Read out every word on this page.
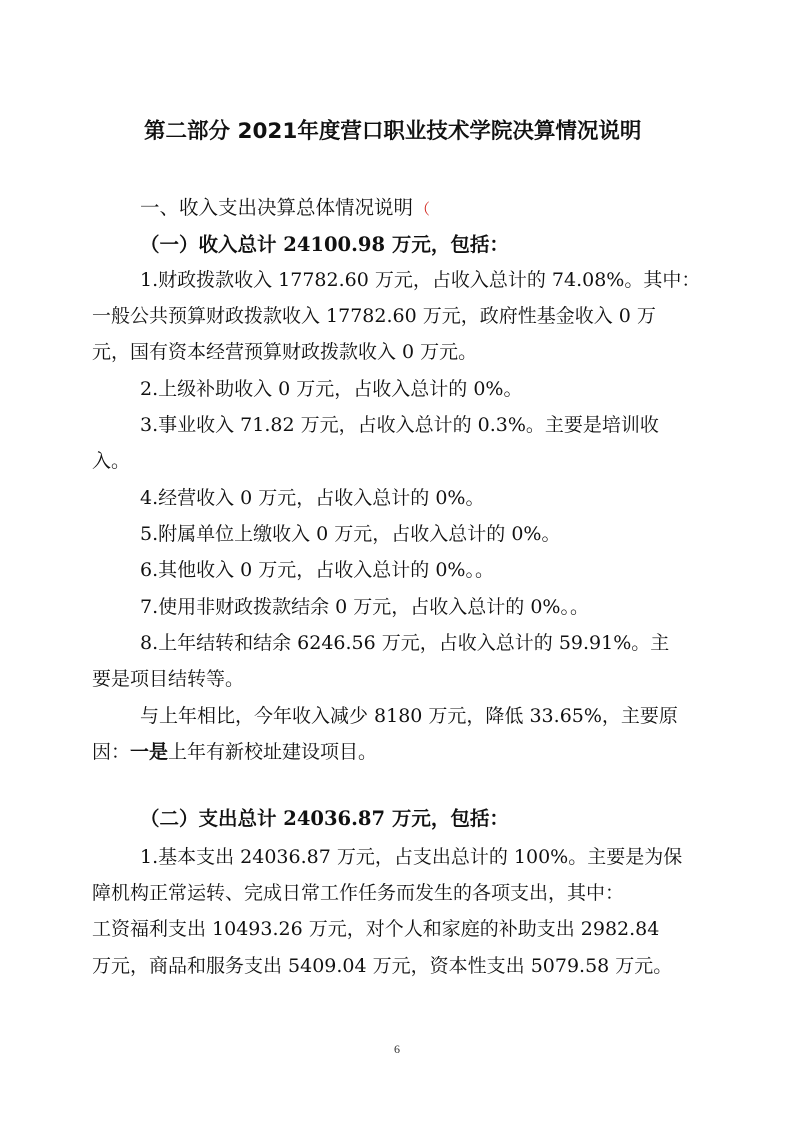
第二部分 2021年度营口职业技术学院决算情况说明
一、收入支出决算总体情况说明 （
（一）收入总计 24100.98 万元，包括：
1.财政拨款收入 17782.60 万元，占收入总计的 74.08%。其中：
一般公共预算财政拨款收入 17782.60 万元，政府性基金收入 0 万
元，国有资本经营预算财政拨款收入 0 万元。
2.上级补助收入 0 万元，占收入总计的 0%。
3.事业收入 71.82 万元，占收入总计的 0.3%。主要是培训收
入。
4.经营收入 0 万元，占收入总计的 0%。
5.附属单位上缴收入 0 万元，占收入总计的 0%。
6.其他收入 0 万元，占收入总计的 0%。。
7.使用非财政拨款结余 0 万元，占收入总计的 0%。。
8.上年结转和结余 6246.56 万元，占收入总计的 59.91%。主
要是项目结转等。
与上年相比，今年收入减少 8180 万元，降低 33.65%，主要原
因：一是上年有新校址建设项目。
（二）支出总计 24036.87 万元，包括：
1.基本支出 24036.87 万元，占支出总计的 100%。主要是为保
障机构正常运转、完成日常工作任务而发生的各项支出，其中：
工资福利支出 10493.26 万元，对个人和家庭的补助支出 2982.84
万元，商品和服务支出 5409.04 万元，资本性支出 5079.58 万元。
6
